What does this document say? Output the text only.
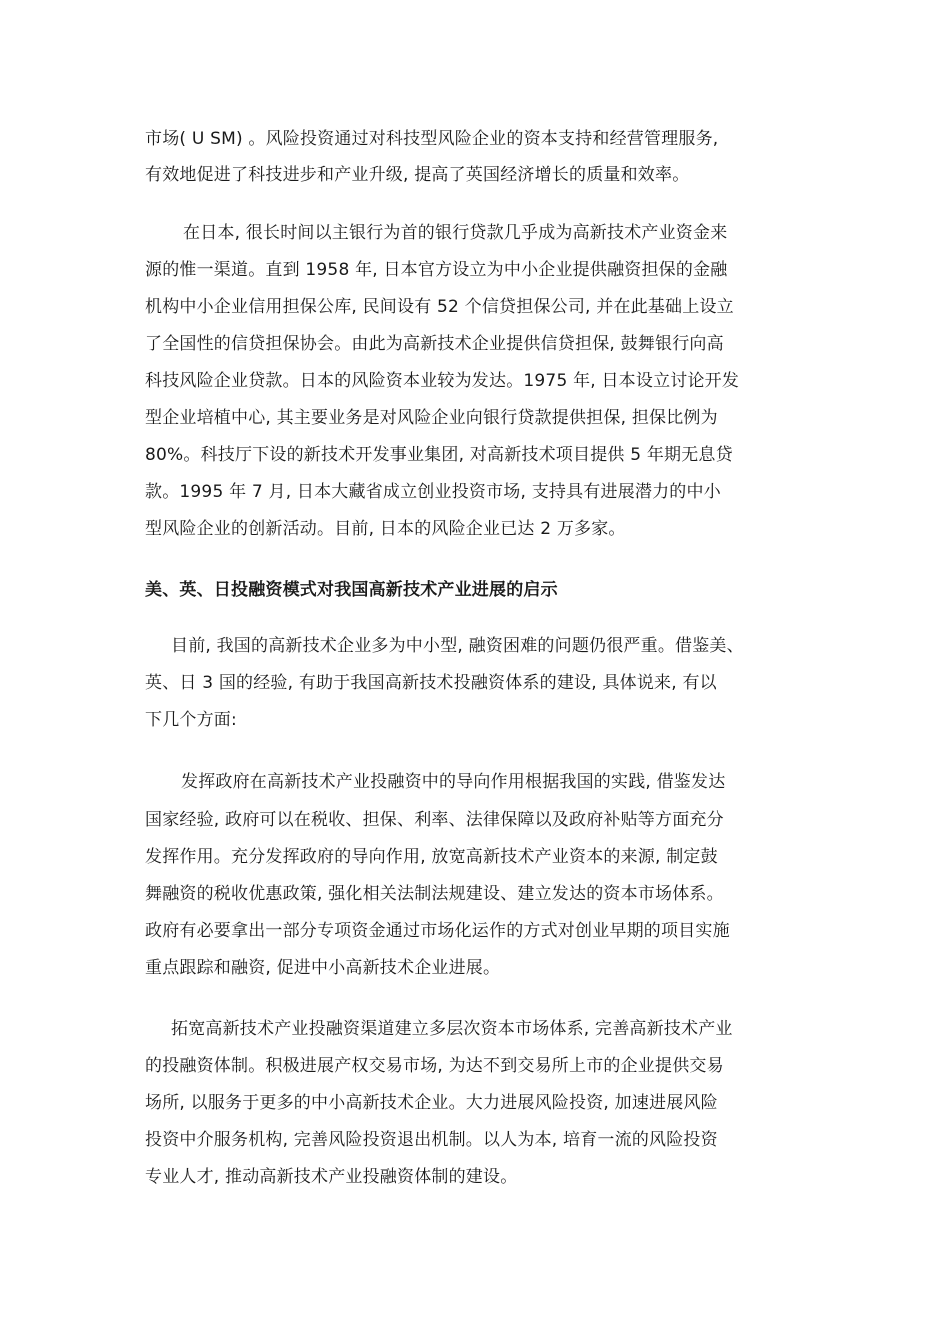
市场( U SM) 。风险投资通过对科技型风险企业的资本支持和经营管理服务,
有效地促进了科技进步和产业升级, 提高了英国经济增长的质量和效率。
在日本, 很长时间以主银行为首的银行贷款几乎成为高新技术产业资金来
源的惟一渠道。直到 1958 年, 日本官方设立为中小企业提供融资担保的金融
机构中小企业信用担保公库, 民间设有 52 个信贷担保公司, 并在此基础上设立
了全国性的信贷担保协会。由此为高新技术企业提供信贷担保, 鼓舞银行向高
科技风险企业贷款。日本的风险资本业较为发达。1975 年, 日本设立讨论开发
型企业培植中心, 其主要业务是对风险企业向银行贷款提供担保, 担保比例为
80%。科技厅下设的新技术开发事业集团, 对高新技术项目提供 5 年期无息贷
款。1995 年 7 月, 日本大藏省成立创业投资市场, 支持具有进展潜力的中小
型风险企业的创新活动。目前, 日本的风险企业已达 2 万多家。
美、英、日投融资模式对我国高新技术产业进展的启示
目前, 我国的高新技术企业多为中小型, 融资困难的问题仍很严重。借鉴美、
英、日 3 国的经验, 有助于我国高新技术投融资体系的建设, 具体说来, 有以
下几个方面:
发挥政府在高新技术产业投融资中的导向作用根据我国的实践, 借鉴发达
国家经验, 政府可以在税收、担保、利率、法律保障以及政府补贴等方面充分
发挥作用。充分发挥政府的导向作用, 放宽高新技术产业资本的来源, 制定鼓
舞融资的税收优惠政策, 强化相关法制法规建设、建立发达的资本市场体系。
政府有必要拿出一部分专项资金通过市场化运作的方式对创业早期的项目实施
重点跟踪和融资, 促进中小高新技术企业进展。
拓宽高新技术产业投融资渠道建立多层次资本市场体系, 完善高新技术产业
的投融资体制。积极进展产权交易市场, 为达不到交易所上市的企业提供交易
场所, 以服务于更多的中小高新技术企业。大力进展风险投资, 加速进展风险
投资中介服务机构, 完善风险投资退出机制。以人为本, 培育一流的风险投资
专业人才, 推动高新技术产业投融资体制的建设。
